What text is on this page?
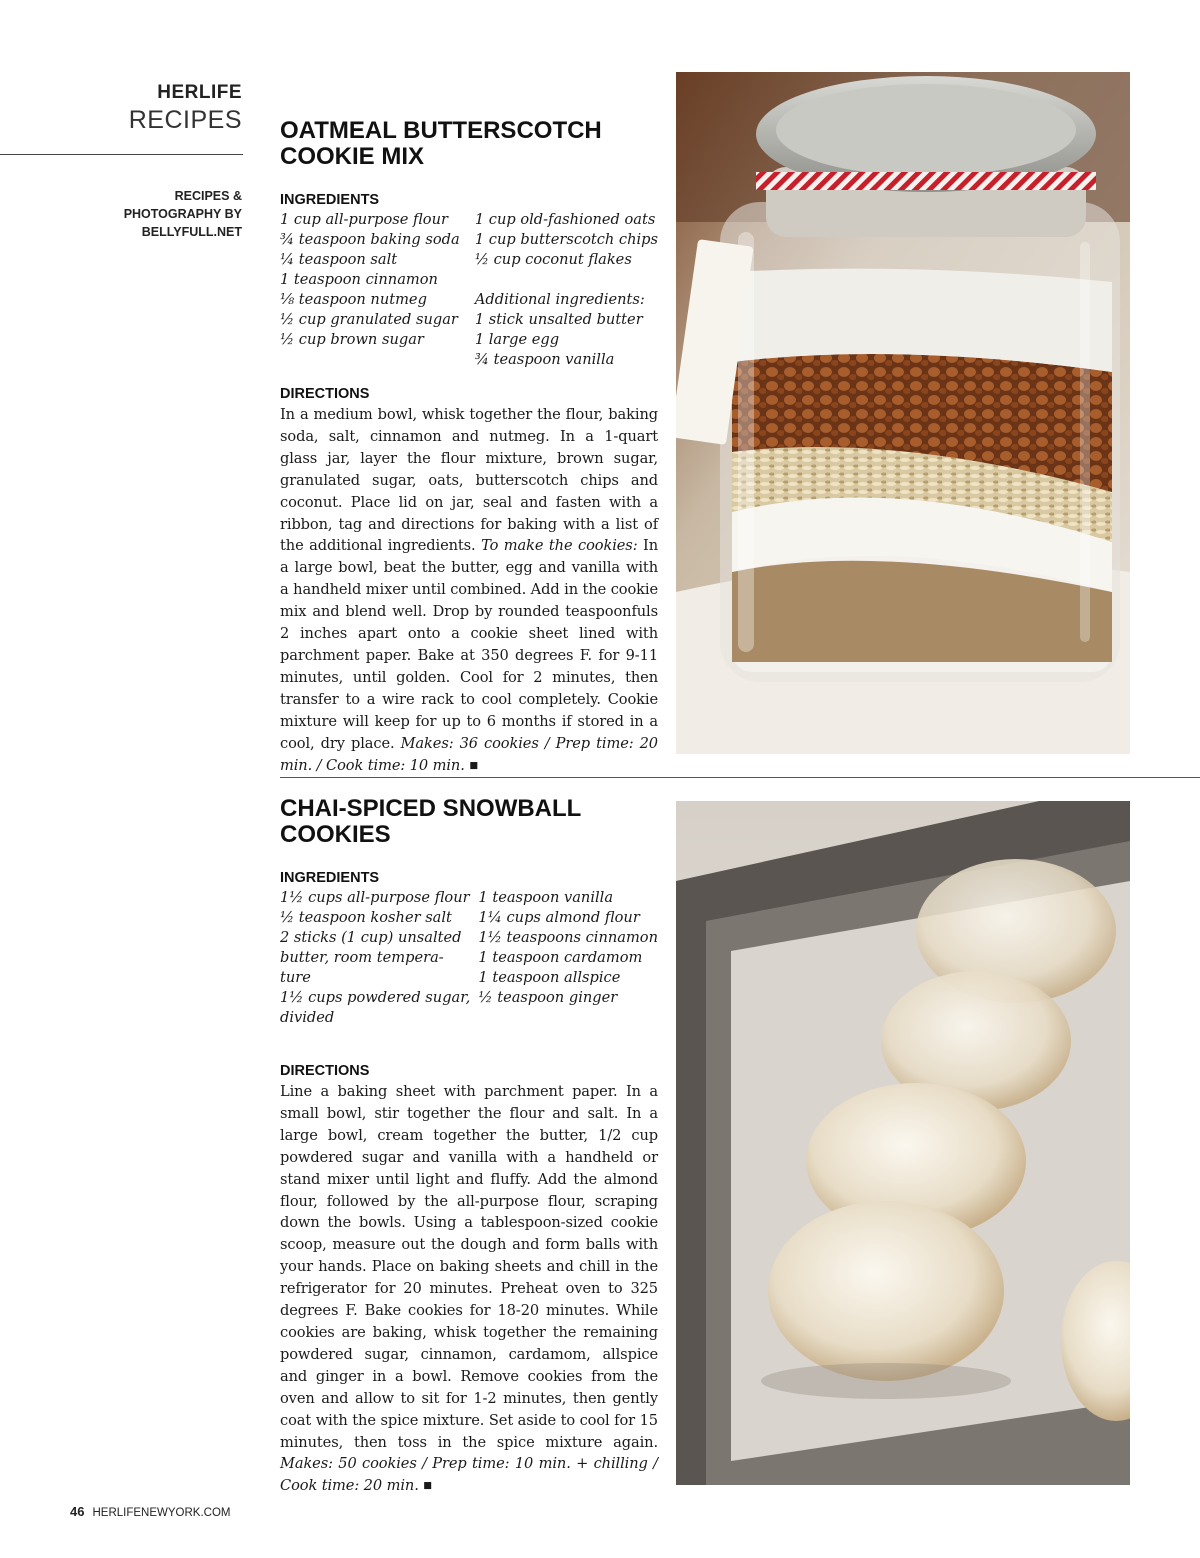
HERLIFE
RECIPES
RECIPES &
PHOTOGRAPHY BY
BELLYFULL.NET
OATMEAL BUTTERSCOTCH
COOKIE MIX
INGREDIENTS
1 cup all-purpose flour
¾ teaspoon baking soda
¼ teaspoon salt
1 teaspoon cinnamon
⅛ teaspoon nutmeg
½ cup granulated sugar
½ cup brown sugar
1 cup old-fashioned oats
1 cup butterscotch chips
½ cup coconut flakes

Additional ingredients:
1 stick unsalted butter
1 large egg
¾ teaspoon vanilla
DIRECTIONS

In a medium bowl, whisk together the flour, baking soda, salt, cinnamon and nutmeg. In a 1-quart glass jar, layer the flour mixture, brown sugar, granulated sugar, oats, butterscotch chips and coconut. Place lid on jar, seal and fasten with a ribbon, tag and directions for baking with a list of the additional ingredients. To make the cookies: In a large bowl, beat the butter, egg and vanilla with a handheld mixer until combined. Add in the cookie mix and blend well. Drop by rounded teaspoonfuls 2 inches apart onto a cookie sheet lined with parchment paper. Bake at 350 degrees F. for 9-11 minutes, until golden. Cool for 2 minutes, then transfer to a wire rack to cool completely. Cookie mixture will keep for up to 6 months if stored in a cool, dry place. Makes: 36 cookies / Prep time: 20 min. / Cook time: 10 min. ■

CHAI-SPICED SNOWBALL
COOKIES
INGREDIENTS
1½ cups all-purpose flour
½ teaspoon kosher salt
2 sticks (1 cup) unsalted
butter, room tempera-
ture
1½ cups powdered sugar,
divided
1 teaspoon vanilla
1¼ cups almond flour
1½ teaspoons cinnamon
1 teaspoon cardamom
1 teaspoon allspice
½ teaspoon ginger
DIRECTIONS

Line a baking sheet with parchment paper. In a small bowl, stir together the flour and salt. In a large bowl, cream together the butter, 1/2 cup powdered sugar and vanilla with a handheld or stand mixer until light and fluffy. Add the almond flour, followed by the all-purpose flour, scraping down the bowls. Using a tablespoon-sized cookie scoop, measure out the dough and form balls with your hands. Place on baking sheets and chill in the refrigerator for 20 minutes. Preheat oven to 325 degrees F. Bake cookies for 18-20 minutes. While cookies are baking, whisk together the remaining powdered sugar, cinnamon, cardamom, allspice and ginger in a bowl. Remove cookies from the oven and allow to sit for 1-2 minutes, then gently coat with the spice mixture. Set aside to cool for 15 minutes, then toss in the spice mixture again. Makes: 50 cookies / Prep time: 10 min. + chilling / Cook time: 20 min. ■

46 HERLIFENEWYORK.COM
